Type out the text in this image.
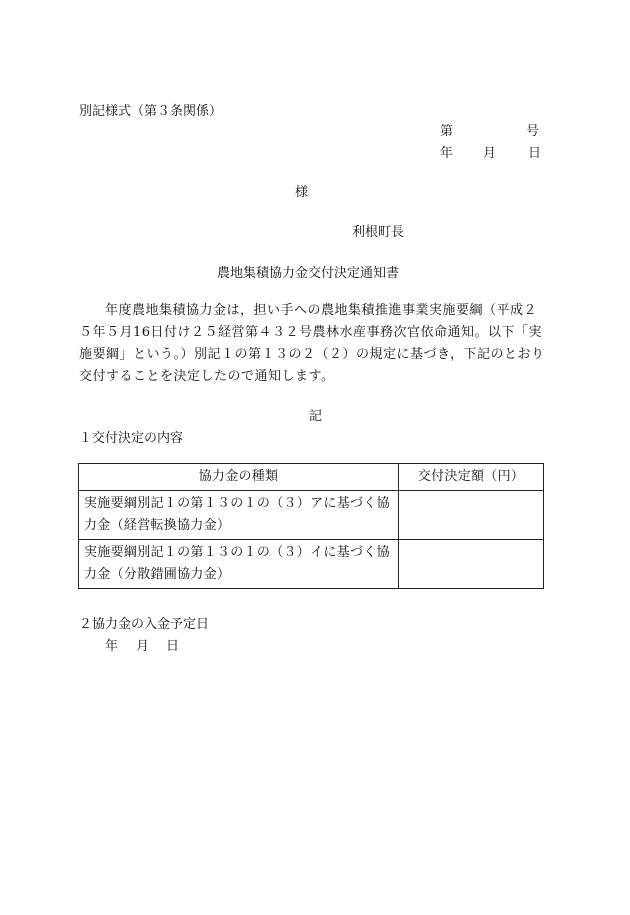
別記様式（第３条関係）
第	号
年 月 日
様
利根町長
農地集積協力金交付決定通知書
年度農地集積協力金は，担い手への農地集積推進事業実施要綱（平成２５年５月16日付け２５経営第４３２号農林水産事務次官依命通知。以下「実施要綱」という。）別記１の第１３の２（２）の規定に基づき，下記のとおり交付することを決定したので通知します。
記
１交付決定の内容
協力金の種類	交付決定額（円）
実施要綱別記１の第１３の１の（３）アに基づく協力金（経営転換協力金）	
実施要綱別記１の第１３の１の（３）イに基づく協力金（分散錯圃協力金）	
２協力金の入金予定日
年 月 日
